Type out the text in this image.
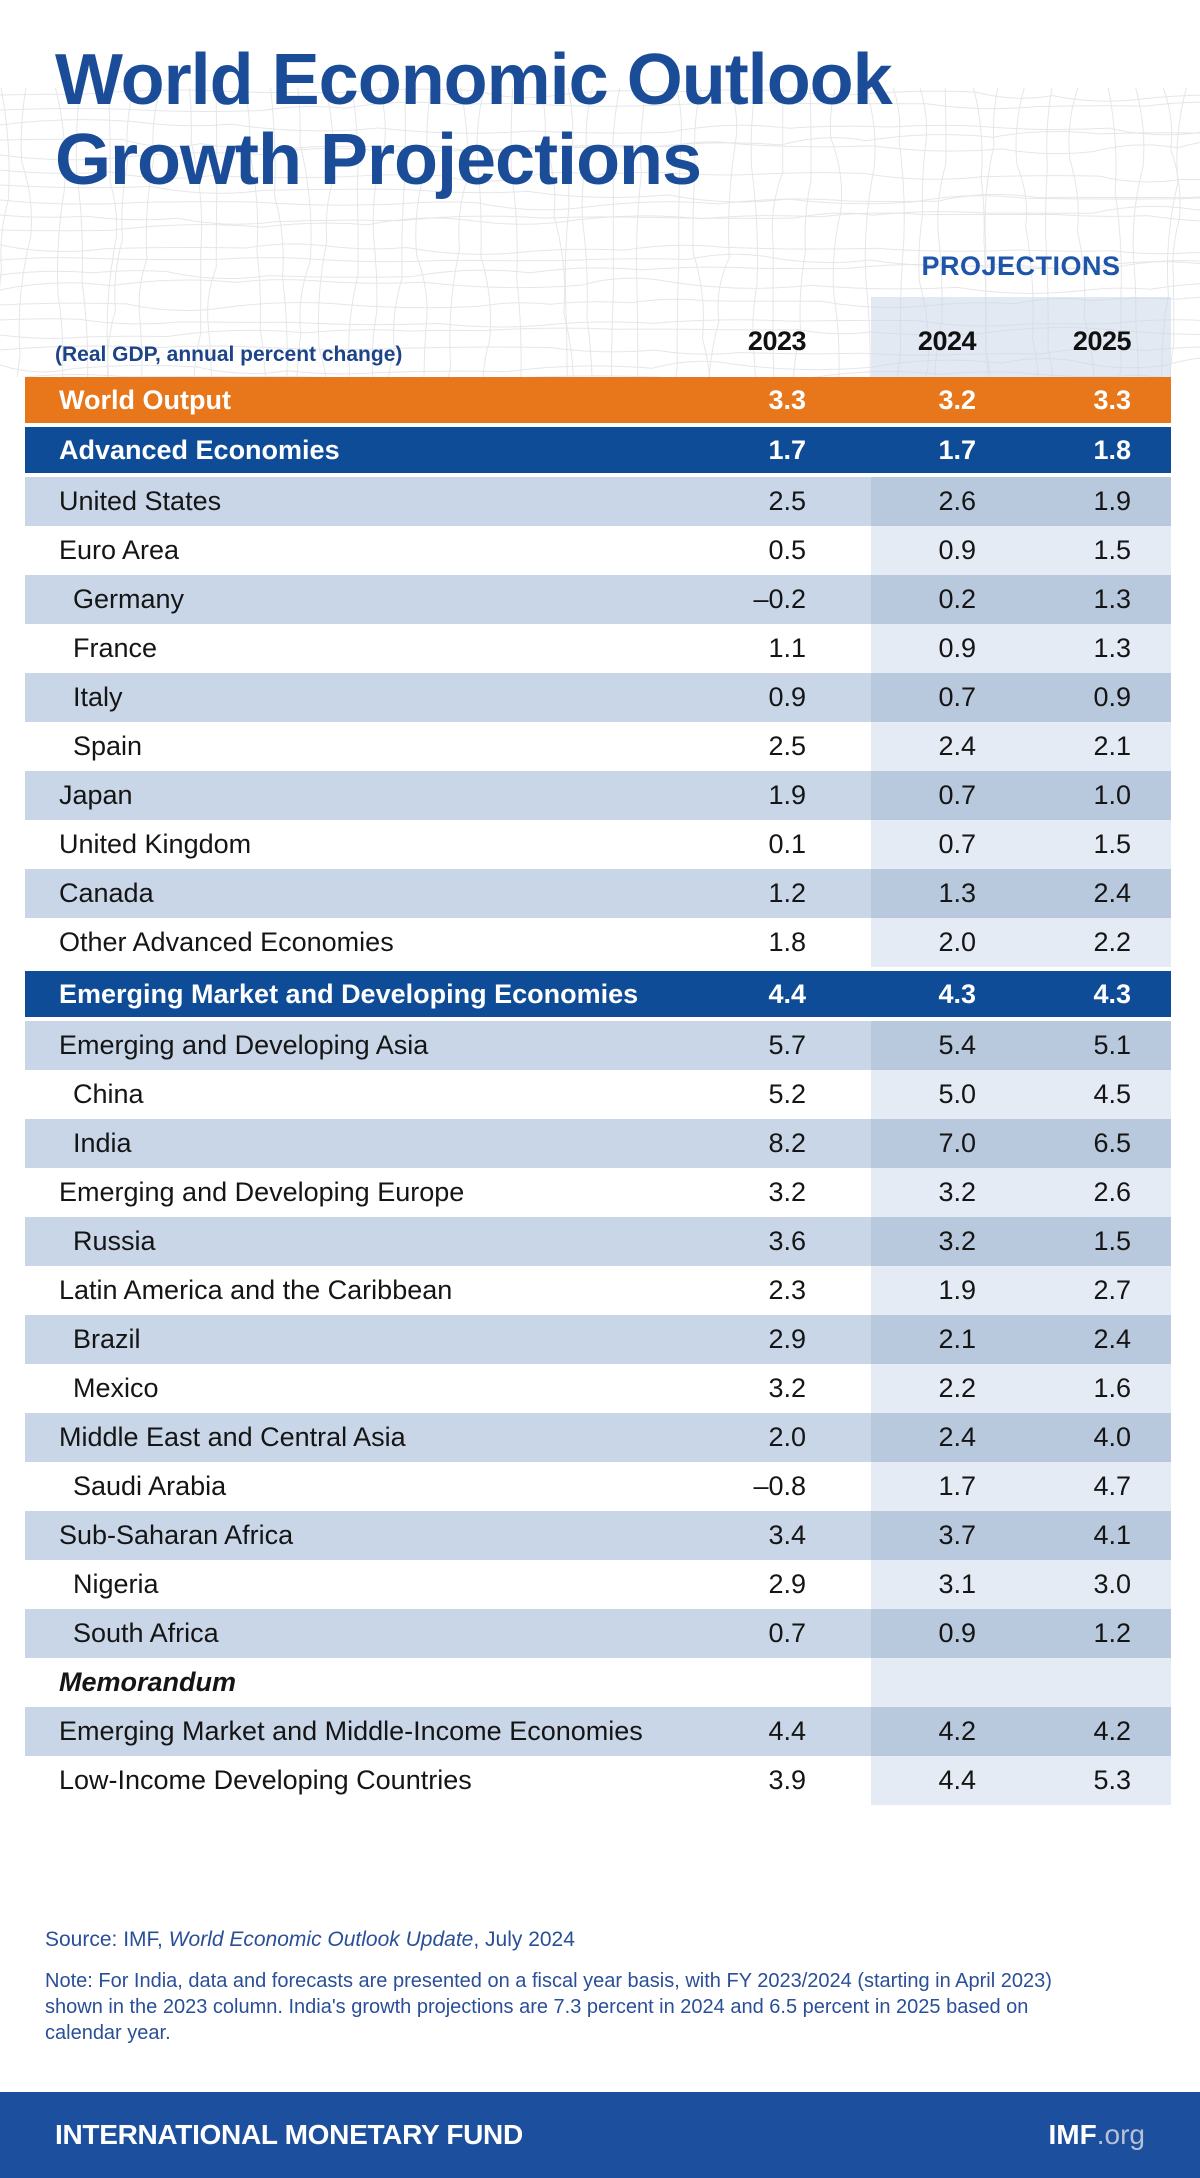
World Economic Outlook
Growth Projections
PROJECTIONS
(Real GDP, annual percent change)	2023	2024	2025
World Output	3.3	3.2	3.3
Advanced Economies	1.7	1.7	1.8
United States	2.5	2.6	1.9
Euro Area	0.5	0.9	1.5
Germany	–0.2	0.2	1.3
France	1.1	0.9	1.3
Italy	0.9	0.7	0.9
Spain	2.5	2.4	2.1
Japan	1.9	0.7	1.0
United Kingdom	0.1	0.7	1.5
Canada	1.2	1.3	2.4
Other Advanced Economies	1.8	2.0	2.2
Emerging Market and Developing Economies	4.4	4.3	4.3
Emerging and Developing Asia	5.7	5.4	5.1
China	5.2	5.0	4.5
India	8.2	7.0	6.5
Emerging and Developing Europe	3.2	3.2	2.6
Russia	3.6	3.2	1.5
Latin America and the Caribbean	2.3	1.9	2.7
Brazil	2.9	2.1	2.4
Mexico	3.2	2.2	1.6
Middle East and Central Asia	2.0	2.4	4.0
Saudi Arabia	–0.8	1.7	4.7
Sub-Saharan Africa	3.4	3.7	4.1
Nigeria	2.9	3.1	3.0
South Africa	0.7	0.9	1.2
Memorandum
Emerging Market and Middle-Income Economies	4.4	4.2	4.2
Low-Income Developing Countries	3.9	4.4	5.3
Source: IMF, World Economic Outlook Update, July 2024
Note: For India, data and forecasts are presented on a fiscal year basis, with FY 2023/2024 (starting in April 2023) shown in the 2023 column. India's growth projections are 7.3 percent in 2024 and 6.5 percent in 2025 based on calendar year.
INTERNATIONAL MONETARY FUND	IMF.org
